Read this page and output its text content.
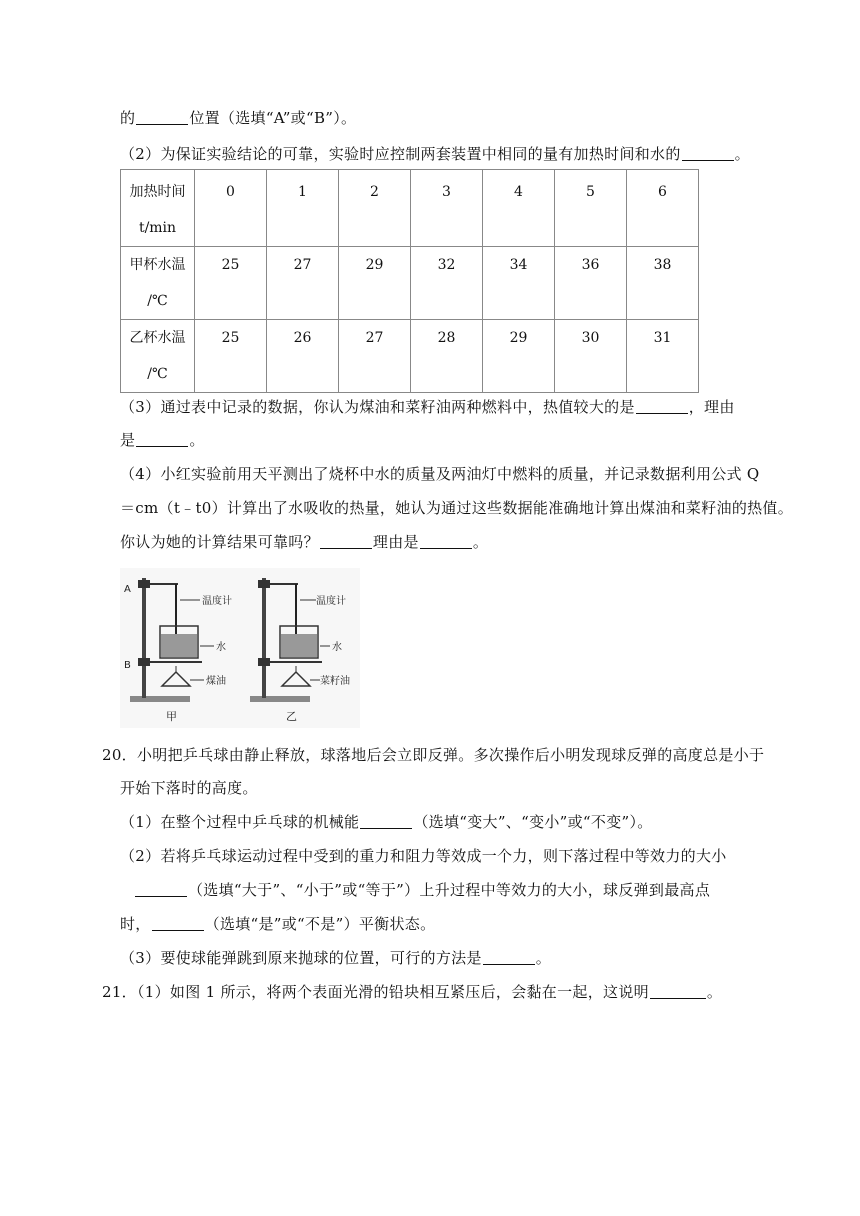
的	位置（选填“A”或“B”）。
（2）为保证实验结论的可靠，实验时应控制两套装置中相同的量有加热时间和水的	。
加热时间
t/min	0	1	2	3	4	5	6

甲杯水温
/℃	25	27	29	32	34	36	38

乙杯水温
/℃	25	26	27	28	29	30	31
（3）通过表中记录的数据，你认为煤油和菜籽油两种燃料中，热值较大的是	，理由
是	。
（4）小红实验前用天平测出了烧杯中水的质量及两油灯中燃料的质量，并记录数据利用公式 Q
＝cm（t﹣t0）计算出了水吸收的热量，她认为通过这些数据能准确地计算出煤油和菜籽油的热值。
你认为她的计算结果可靠吗？	理由是	。
A
B
温度计
水
煤油
甲
温度计
水
菜籽油
乙
20．小明把乒乓球由静止释放，球落地后会立即反弹。多次操作后小明发现球反弹的高度总是小于
开始下落时的高度。
（1）在整个过程中乒乓球的机械能	（选填“变大”、“变小”或“不变”）。
（2）若将乒乓球运动过程中受到的重力和阻力等效成一个力，则下落过程中等效力的大小
（选填“大于”、“小于”或“等于”）上升过程中等效力的大小，球反弹到最高点
时，	（选填“是”或“不是”）平衡状态。
（3）要使球能弹跳到原来抛球的位置，可行的方法是	。
21．（1）如图 1 所示，将两个表面光滑的铅块相互紧压后，会黏在一起，这说明	。
